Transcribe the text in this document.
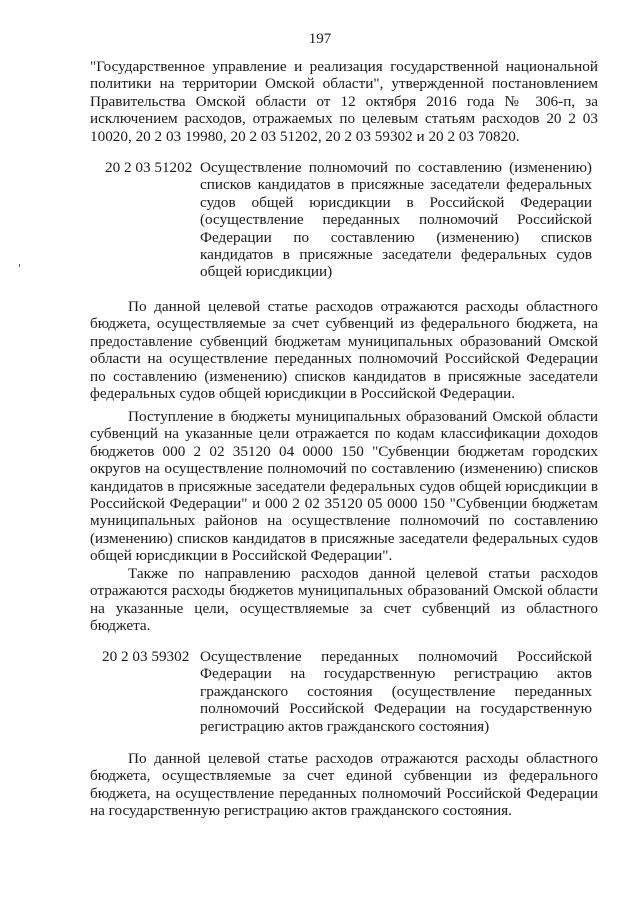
197

"Государственное управление и реализация государственной национальной политики на территории Омской области", утвержденной постановлением Правительства Омской области от 12 октября 2016 года № 306-п, за исключением расходов, отражаемых по целевым статьям расходов 20 2 03 10020, 20 2 03 19980, 20 2 03 51202, 20 2 03 59302 и 20 2 03 70820.

20 2 03 51202 Осуществление полномочий по составлению (изменению) списков кандидатов в присяжные заседатели федеральных судов общей юрисдикции в Российской Федерации (осуществление переданных полномочий Российской Федерации по составлению (изменению) списков кандидатов в присяжные заседатели федеральных судов общей юрисдикции)

По данной целевой статье расходов отражаются расходы областного бюджета, осуществляемые за счет субвенций из федерального бюджета, на предоставление субвенций бюджетам муниципальных образований Омской области на осуществление переданных полномочий Российской Федерации по составлению (изменению) списков кандидатов в присяжные заседатели федеральных судов общей юрисдикции в Российской Федерации.

Поступление в бюджеты муниципальных образований Омской области субвенций на указанные цели отражается по кодам классификации доходов бюджетов 000 2 02 35120 04 0000 150 "Субвенции бюджетам городских округов на осуществление полномочий по составлению (изменению) списков кандидатов в присяжные заседатели федеральных судов общей юрисдикции в Российской Федерации" и 000 2 02 35120 05 0000 150 "Субвенции бюджетам муниципальных районов на осуществление полномочий по составлению (изменению) списков кандидатов в присяжные заседатели федеральных судов общей юрисдикции в Российской Федерации".

Также по направлению расходов данной целевой статьи расходов отражаются расходы бюджетов муниципальных образований Омской области на указанные цели, осуществляемые за счет субвенций из областного бюджета.

20 2 03 59302 Осуществление переданных полномочий Российской Федерации на государственную регистрацию актов гражданского состояния (осуществление переданных полномочий Российской Федерации на государственную регистрацию актов гражданского состояния)

По данной целевой статье расходов отражаются расходы областного бюджета, осуществляемые за счет единой субвенции из федерального бюджета, на осуществление переданных полномочий Российской Федерации на государственную регистрацию актов гражданского состояния.
